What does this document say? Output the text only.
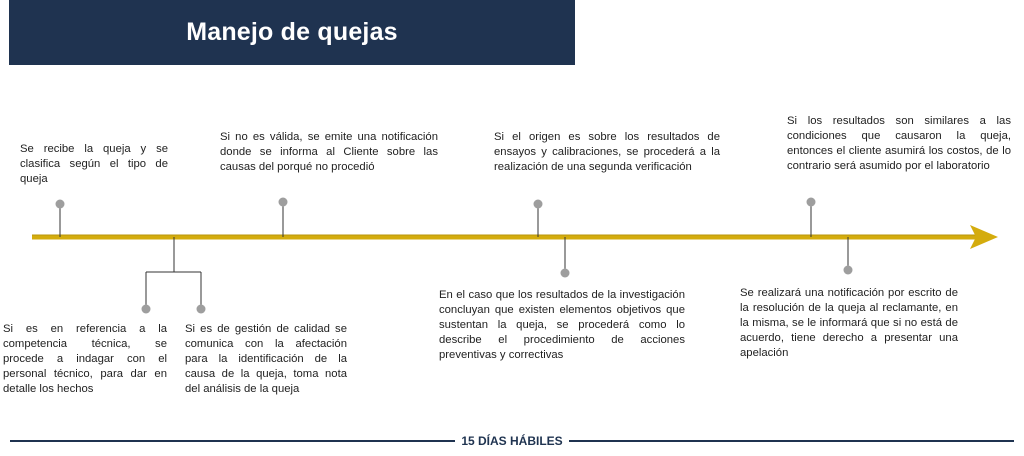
Manejo de quejas

Se recibe la queja y se clasifica según el tipo de queja

Si no es válida, se emite una notificación donde se informa al Cliente sobre las causas del porqué no procedió

Si el origen es sobre los resultados de ensayos y calibraciones, se procederá a la realización de una segunda verificación

Si los resultados son similares a las condiciones que causaron la queja, entonces el cliente asumirá los costos, de lo contrario será asumido por el laboratorio

Si es en referencia a la competencia técnica, se procede a indagar con el personal técnico, para dar en detalle los hechos

Si es de gestión de calidad se comunica con la afectación para la identificación de la causa de la queja, toma nota del análisis de la queja

En el caso que los resultados de la investigación concluyan que existen elementos objetivos que sustentan la queja, se procederá como lo describe el procedimiento de acciones preventivas y correctivas

Se realizará una notificación por escrito de la resolución de la queja al reclamante, en la misma, se le informará que si no está de acuerdo, tiene derecho a presentar una apelación

15 DÍAS HÁBILES
